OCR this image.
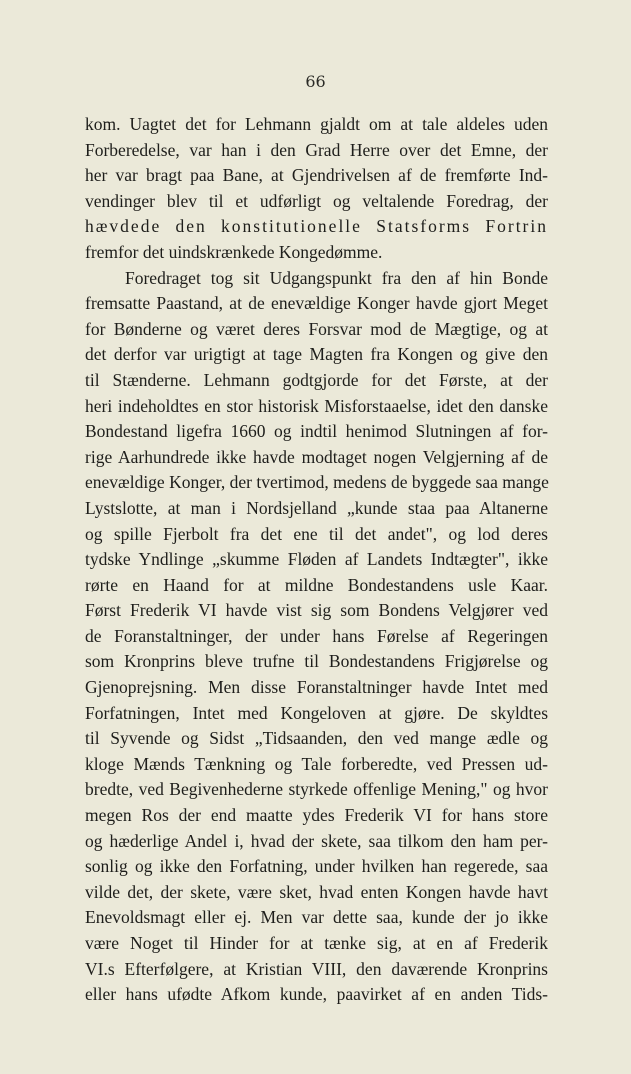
66
kom. Uagtet det for Lehmann gjaldt om at tale aldeles uden
Forberedelse, var han i den Grad Herre over det Emne, der
her var bragt paa Bane, at Gjendrivelsen af de fremførte Ind-
vendinger blev til et udførligt og veltalende Foredrag, der
hævdede den konstitutionelle Statsforms Fortrin
fremfor det uindskrænkede Kongedømme.
Foredraget tog sit Udgangspunkt fra den af hin Bonde
fremsatte Paastand, at de enevældige Konger havde gjort Meget
for Bønderne og været deres Forsvar mod de Mægtige, og at
det derfor var urigtigt at tage Magten fra Kongen og give den
til Stænderne. Lehmann godtgjorde for det Første, at der
heri indeholdtes en stor historisk Misforstaaelse, idet den danske
Bondestand ligefra 1660 og indtil henimod Slutningen af for-
rige Aarhundrede ikke havde modtaget nogen Velgjerning af de
enevældige Konger, der tvertimod, medens de byggede saa mange
Lystslotte, at man i Nordsjelland „kunde staa paa Altanerne
og spille Fjerbolt fra det ene til det andet", og lod deres
tydske Yndlinge „skumme Fløden af Landets Indtægter", ikke
rørte en Haand for at mildne Bondestandens usle Kaar.
Først Frederik VI havde vist sig som Bondens Velgjører ved
de Foranstaltninger, der under hans Førelse af Regeringen
som Kronprins bleve trufne til Bondestandens Frigjørelse og
Gjenoprejsning. Men disse Foranstaltninger havde Intet med
Forfatningen, Intet med Kongeloven at gjøre. De skyldtes
til Syvende og Sidst „Tidsaanden, den ved mange ædle og
kloge Mænds Tænkning og Tale forberedte, ved Pressen ud-
bredte, ved Begivenhederne styrkede offenlige Mening," og hvor
megen Ros der end maatte ydes Frederik VI for hans store
og hæderlige Andel i, hvad der skete, saa tilkom den ham per-
sonlig og ikke den Forfatning, under hvilken han regerede, saa
vilde det, der skete, være sket, hvad enten Kongen havde havt
Enevoldsmagt eller ej. Men var dette saa, kunde der jo ikke
være Noget til Hinder for at tænke sig, at en af Frederik
VI.s Efterfølgere, at Kristian VIII, den daværende Kronprins
eller hans ufødte Afkom kunde, paavirket af en anden Tids-
